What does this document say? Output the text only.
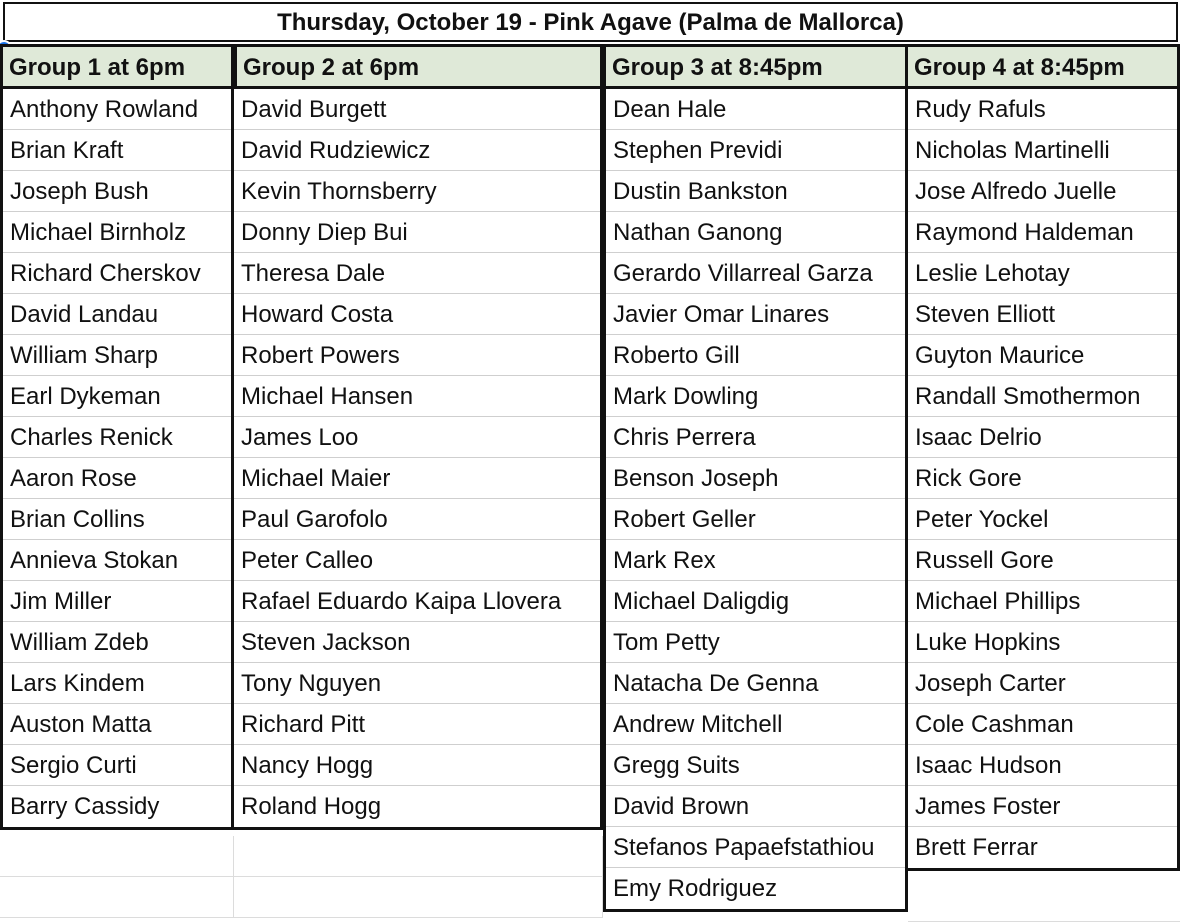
Thursday, October 19 - Pink Agave (Palma de Mallorca)
Group 1 at 6pm
Anthony Rowland
Brian Kraft
Joseph Bush
Michael Birnholz
Richard Cherskov
David Landau
William Sharp
Earl Dykeman
Charles Renick
Aaron Rose
Brian Collins
Annieva Stokan
Jim Miller
William Zdeb
Lars Kindem
Auston Matta
Sergio Curti
Barry Cassidy
Group 2 at 6pm
David Burgett
David Rudziewicz
Kevin Thornsberry
Donny Diep Bui
Theresa Dale
Howard Costa
Robert Powers
Michael Hansen
James Loo
Michael Maier
Paul Garofolo
Peter Calleo
Rafael Eduardo Kaipa Llovera
Steven Jackson
Tony Nguyen
Richard Pitt
Nancy Hogg
Roland Hogg
Group 3 at 8:45pm
Dean Hale
Stephen Previdi
Dustin Bankston
Nathan Ganong
Gerardo Villarreal Garza
Javier Omar Linares
Roberto Gill
Mark Dowling
Chris Perrera
Benson Joseph
Robert Geller
Mark Rex
Michael Daligdig
Tom Petty
Natacha De Genna
Andrew Mitchell
Gregg Suits
David Brown
Stefanos Papaefstathiou
Emy Rodriguez
Group 4 at 8:45pm
Rudy Rafuls
Nicholas Martinelli
Jose Alfredo Juelle
Raymond Haldeman
Leslie Lehotay
Steven Elliott
Guyton Maurice
Randall Smothermon
Isaac Delrio
Rick Gore
Peter Yockel
Russell Gore
Michael Phillips
Luke Hopkins
Joseph Carter
Cole Cashman
Isaac Hudson
James Foster
Brett Ferrar
